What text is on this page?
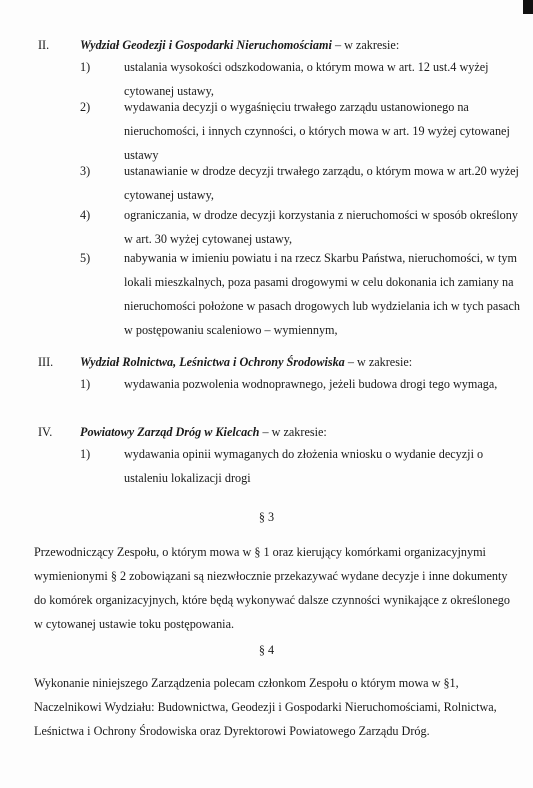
II.	Wydział Geodezji i Gospodarki Nieruchomościami – w zakresie:
1)	ustalania wysokości odszkodowania, o którym mowa w art. 12 ust.4 wyżej cytowanej ustawy,
2)	wydawania decyzji o wygaśnięciu trwałego zarządu ustanowionego na nieruchomości, i innych czynności, o których mowa w art. 19 wyżej cytowanej ustawy
3)	ustanawianie w drodze decyzji trwałego zarządu, o którym mowa w art.20 wyżej cytowanej ustawy,
4)	ograniczania, w drodze decyzji korzystania z nieruchomości w sposób określony w art. 30 wyżej cytowanej ustawy,
5)	nabywania w imieniu powiatu i na rzecz Skarbu Państwa, nieruchomości, w tym lokali mieszkalnych, poza pasami drogowymi w celu dokonania ich zamiany na nieruchomości położone w pasach drogowych lub wydzielania ich w tych pasach w postępowaniu scaleniowo – wymiennym,
III.	Wydział Rolnictwa, Leśnictwa i Ochrony Środowiska – w zakresie:
1)	wydawania pozwolenia wodnoprawnego, jeżeli budowa drogi tego wymaga,
IV.	Powiatowy Zarząd Dróg w Kielcach – w zakresie:
1)	wydawania opinii wymaganych do złożenia wniosku o wydanie decyzji o ustaleniu lokalizacji drogi
§ 3
Przewodniczący Zespołu, o którym mowa w § 1 oraz kierujący komórkami organizacyjnymi wymienionymi § 2 zobowiązani są niezwłocznie przekazywać wydane decyzje i inne dokumenty do komórek organizacyjnych, które będą wykonywać dalsze czynności wynikające z określonego w cytowanej ustawie toku postępowania.
§ 4
Wykonanie niniejszego Zarządzenia polecam członkom Zespołu o którym mowa w §1, Naczelnikowi Wydziału: Budownictwa, Geodezji i Gospodarki Nieruchomościami, Rolnictwa, Leśnictwa i Ochrony Środowiska oraz Dyrektorowi Powiatowego Zarządu Dróg.
